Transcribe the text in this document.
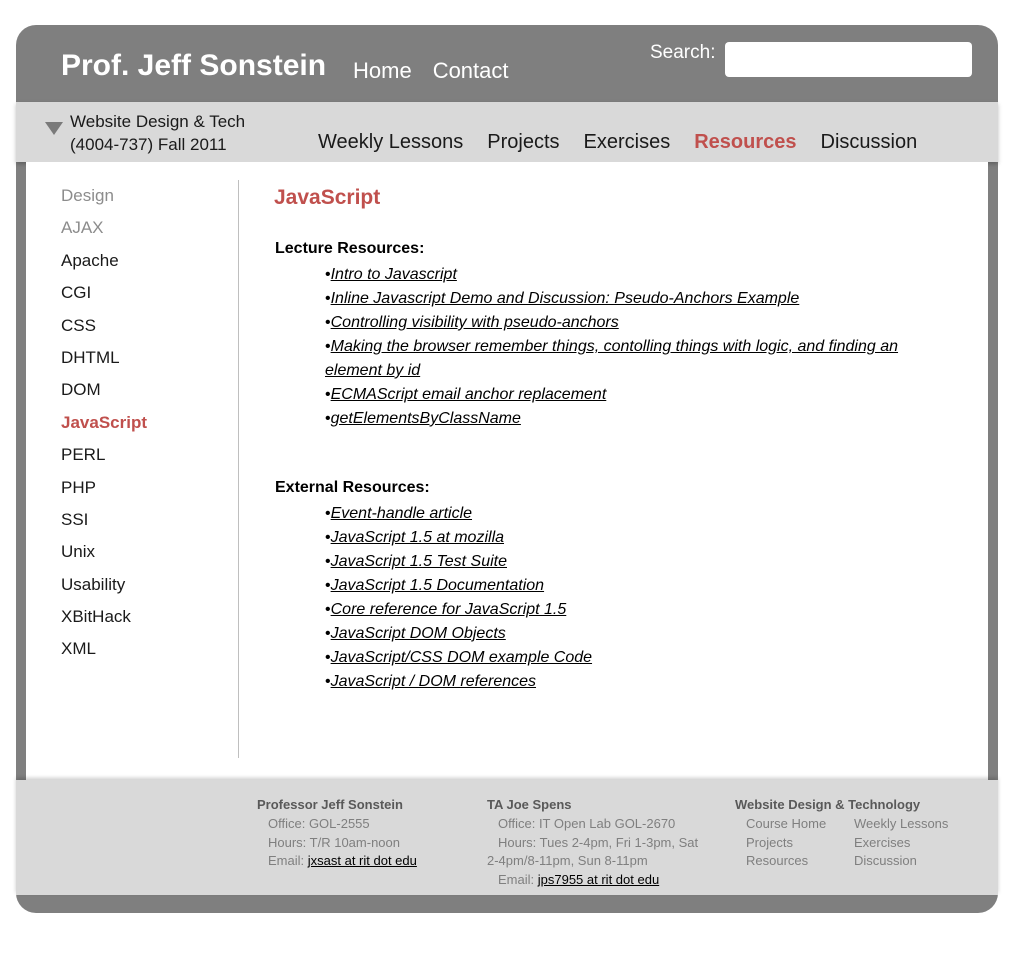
Prof. Jeff Sonstein Home Contact
Search:
Website Design & Tech
(4004-737) Fall 2011	Weekly Lessons Projects Exercises Resources Discussion
Design
AJAX
Apache
CGI
CSS
DHTML
DOM
JavaScript
PERL
PHP
SSI
Unix
Usability
XBitHack
XML
JavaScript
Lecture Resources:
•Intro to Javascript
•Inline Javascript Demo and Discussion: Pseudo-Anchors Example
•Controlling visibility with pseudo-anchors
•Making the browser remember things, contolling things with logic, and finding an element by id
•ECMAScript email anchor replacement
•getElementsByClassName
External Resources:
•Event-handle article
•JavaScript 1.5 at mozilla
•JavaScript 1.5 Test Suite
•JavaScript 1.5 Documentation
•Core reference for JavaScript 1.5
•JavaScript DOM Objects
•JavaScript/CSS DOM example Code
•JavaScript / DOM references
Professor Jeff Sonstein
Office: GOL-2555
Hours: T/R 10am-noon
Email: jxsast at rit dot edu
TA Joe Spens
Office: IT Open Lab GOL-2670
Hours: Tues 2-4pm, Fri 1-3pm, Sat
2-4pm/8-11pm, Sun 8-11pm
Email: jps7955 at rit dot edu
Website Design & Technology
Course Home	Weekly Lessons
Projects	Exercises
Resources	Discussion
